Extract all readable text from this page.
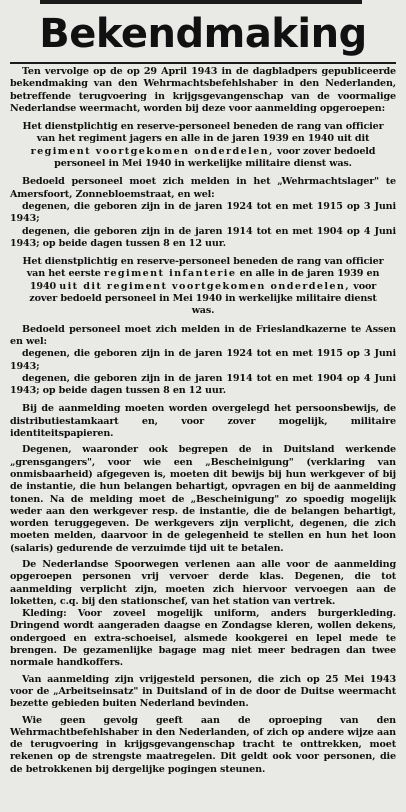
Bekendmaking

Ten vervolge op de op 29 April 1943 in de dagbladpers gepubliceerde bekendmaking van den Wehrmachtsbefehlshaber in den Nederlanden, betreffende terugvoering in krijgsgevangenschap van de voormalige Nederlandse weermacht, worden bij deze voor aanmelding opgeroepen:

Het dienstplichtig en reserve-personeel beneden de rang van officier van het regiment jagers en alle in de jaren 1939 en 1940 uit dit regiment voortgekomen onderdelen, voor zover bedoeld personeel in Mei 1940 in werkelijke militaire dienst was.

Bedoeld personeel moet zich melden in het „Wehrmachtslager" te Amersfoort, Zonnebloemstraat, en wel:

degenen, die geboren zijn in de jaren 1924 tot en met 1915 op 3 Juni 1943;

degenen, die geboren zijn in de jaren 1914 tot en met 1904 op 4 Juni 1943; op beide dagen tussen 8 en 12 uur.

Het dienstplichtig en reserve-personeel beneden de rang van officier van het eerste regiment infanterie en alle in de jaren 1939 en 1940 uit dit regiment voortgekomen onderdelen, voor zover bedoeld personeel in Mei 1940 in werkelijke militaire dienst was.

Bedoeld personeel moet zich melden in de Frieslandkazerne te Assen en wel:

degenen, die geboren zijn in de jaren 1924 tot en met 1915 op 3 Juni 1943;

degenen, die geboren zijn in de jaren 1914 tot en met 1904 op 4 Juni 1943; op beide dagen tussen 8 en 12 uur.

Bij de aanmelding moeten worden overgelegd het persoonsbewijs, de distributiestamkaart en, voor zover mogelijk, militaire identiteitspapieren.

Degenen, waaronder ook begrepen de in Duitsland werkende „grensgangers", voor wie een „Bescheinigung" (verklaring van onmisbaarheid) afgegeven is, moeten dit bewijs bij hun werkgever of bij de instantie, die hun belangen behartigt, opvragen en bij de aanmelding tonen. Na de melding moet de „Bescheinigung" zo spoedig mogelijk weder aan den werkgever resp. de instantie, die de belangen behartigt, worden teruggegeven. De werkgevers zijn verplicht, degenen, die zich moeten melden, daarvoor in de gelegenheid te stellen en hun het loon (salaris) gedurende de verzuimde tijd uit te betalen.

De Nederlandse Spoorwegen verlenen aan alle voor de aanmelding opgeroepen personen vrij vervoer derde klas. Degenen, die tot aanmelding verplicht zijn, moeten zich hiervoor vervoegen aan de loketten, c.q. bij den stationschef, van het station van vertrek.

Kleding: Voor zoveel mogelijk uniform, anders burgerkleding. Dringend wordt aangeraden daagse en Zondagse kleren, wollen dekens, ondergoed en extra-schoeisel, alsmede kookgerei en lepel mede te brengen. De gezamenlijke bagage mag niet meer bedragen dan twee normale handkoffers.

Van aanmelding zijn vrijgesteld personen, die zich op 25 Mei 1943 voor de „Arbeitseinsatz" in Duitsland of in de door de Duitse weermacht bezette gebieden buiten Nederland bevinden.

Wie geen gevolg geeft aan de oproeping van den Wehrmachtbefehlshaber in den Nederlanden, of zich op andere wijze aan de terugvoering in krijgsgevangenschap tracht te onttrekken, moet rekenen op de strengste maatregelen. Dit geldt ook voor personen, die de betrokkenen bij dergelijke pogingen steunen.
